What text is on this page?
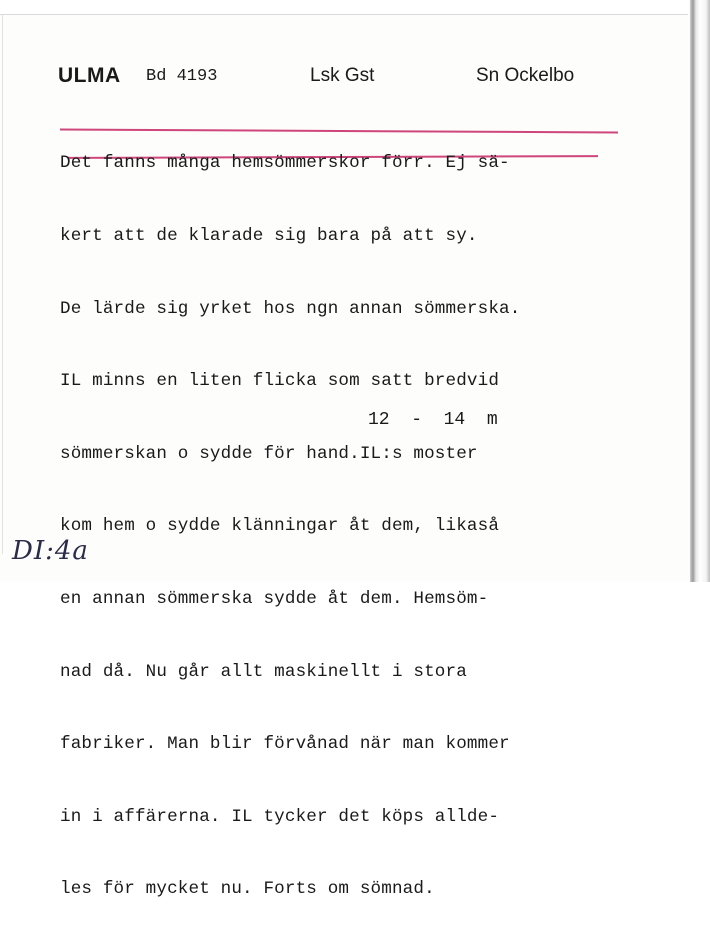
ULMA Bd 4193	Lsk Gst	Sn Ockelbo

Det fanns många hemsömmerskor förr. Ej sä-

kert att de klarade sig bara på att sy.

De lärde sig yrket hos ngn annan sömmerska.

IL minns en liten flicka som satt bredvid

sömmerskan o sydde för hand.IL:s moster

kom hem o sydde klänningar åt dem, likaså

en annan sömmerska sydde åt dem. Hemsöm-

nad då. Nu går allt maskinellt i stora

fabriker. Man blir förvånad när man kommer

in i affärerna. IL tycker det köps allde-

les för mycket nu. Forts om sömnad.

12  -  14  m
DI:4a
